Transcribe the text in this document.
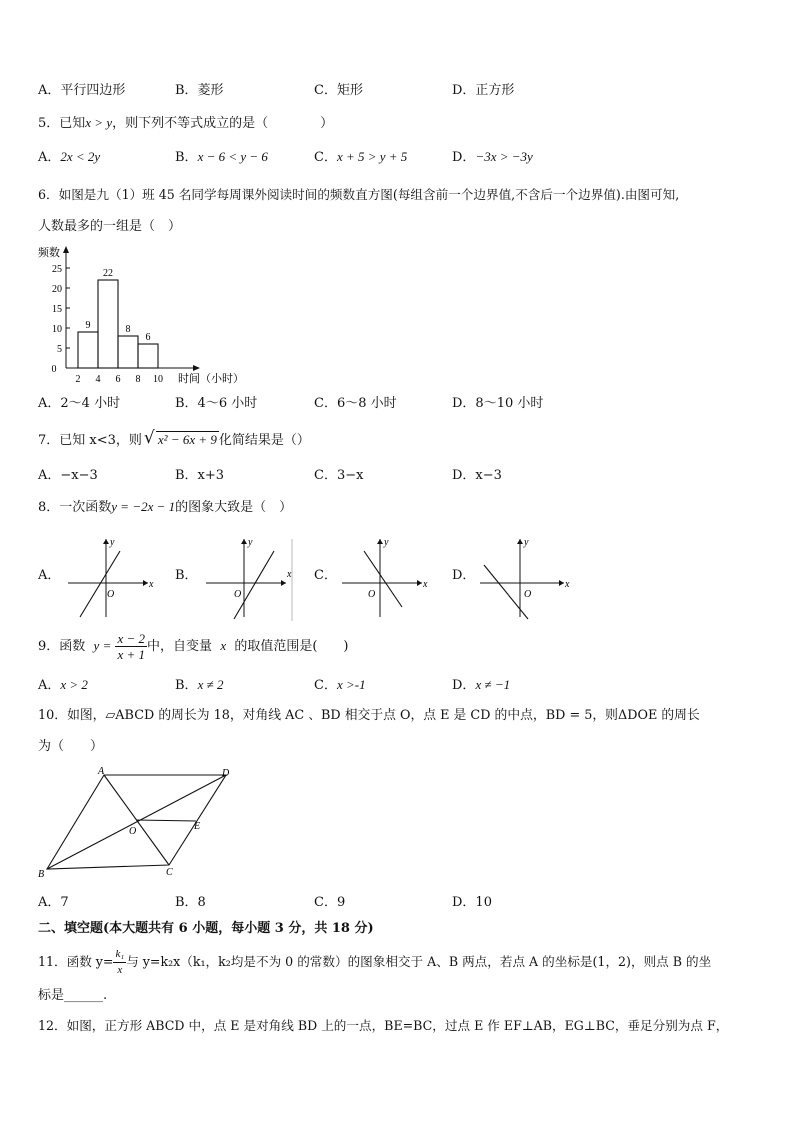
A．平行四边形	B．菱形	C．矩形	D．正方形
5．已知x > y，则下列不等式成立的是（　　　　）
A．2x < 2y	B．x − 6 < y − 6	C．x + 5 > y + 5	D．−3x > −3y
6．如图是九（1）班 45 名同学每周课外阅读时间的频数直方图(每组含前一个边界值,不含后一个边界值).由图可知,
人数最多的一组是（　）
5
10
15
20
25
0
2 4 6 8 10
9
22
8
6
频数
时间（小时）
A．2～4 小时	B．4～6 小时	C．6～8 小时	D．8～10 小时
7．已知 x<3，则 √ x² − 6x + 9 化简结果是（）
A．−x−3	B．x+3	C．3−x	D．x−3
8．一次函数y = −2x − 1的图象大致是（　）
A．
x
y
O
B．	x
y
O
C．
x
y
O
D．
x
y
O
9．函数 $y = \frac{x - 2}{x + 1}$ 中，自变量 x 的取值范围是(　　)
A．x > 2	B．x ≠ 2	C．x >-1	D．x ≠ −1
10．如图，▱ABCD 的周长为 18，对角线 AC 、BD 相交于点 O，点 E 是 CD 的中点，BD = 5，则ΔDOE 的周长
为（　　）
A	D
O	E
C
B
A．7	B．8	C．9	D．10
二、填空题(本大题共有 6 小题，每小题 3 分，共 18 分)
11．函数 $y= \frac{\text{k₁}}{x}$ 与 y=k₂x（k₁，k₂均是不为 0 的常数）的图象相交于 A、B 两点，若点 A 的坐标是(1，2)，则点 B 的坐
标是______.
12．如图，正方形 ABCD 中，点 E 是对角线 BD 上的一点，BE=BC，过点 E 作 EF⊥AB，EG⊥BC，垂足分别为点 F，
